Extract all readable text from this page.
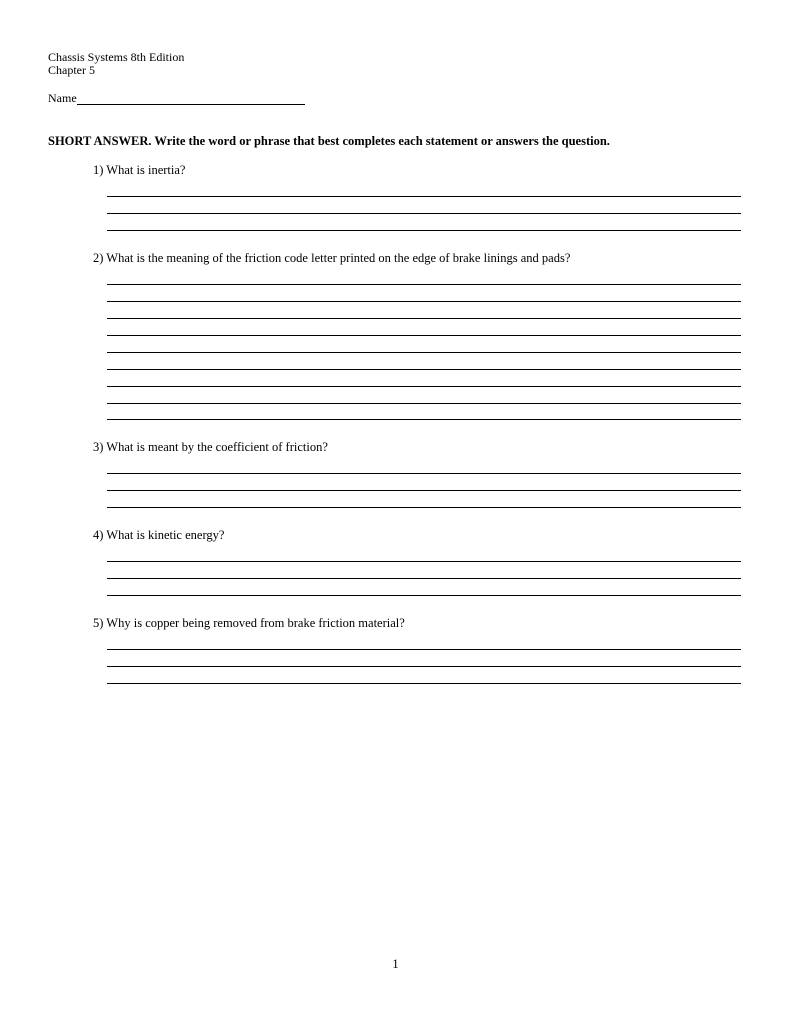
Chassis Systems 8th Edition
Chapter 5
Name
SHORT ANSWER. Write the word or phrase that best completes each statement or answers the question.
1) What is inertia?
2) What is the meaning of the friction code letter printed on the edge of brake linings and pads?
3) What is meant by the coefficient of friction?
4) What is kinetic energy?
5) Why is copper being removed from brake friction material?
1
